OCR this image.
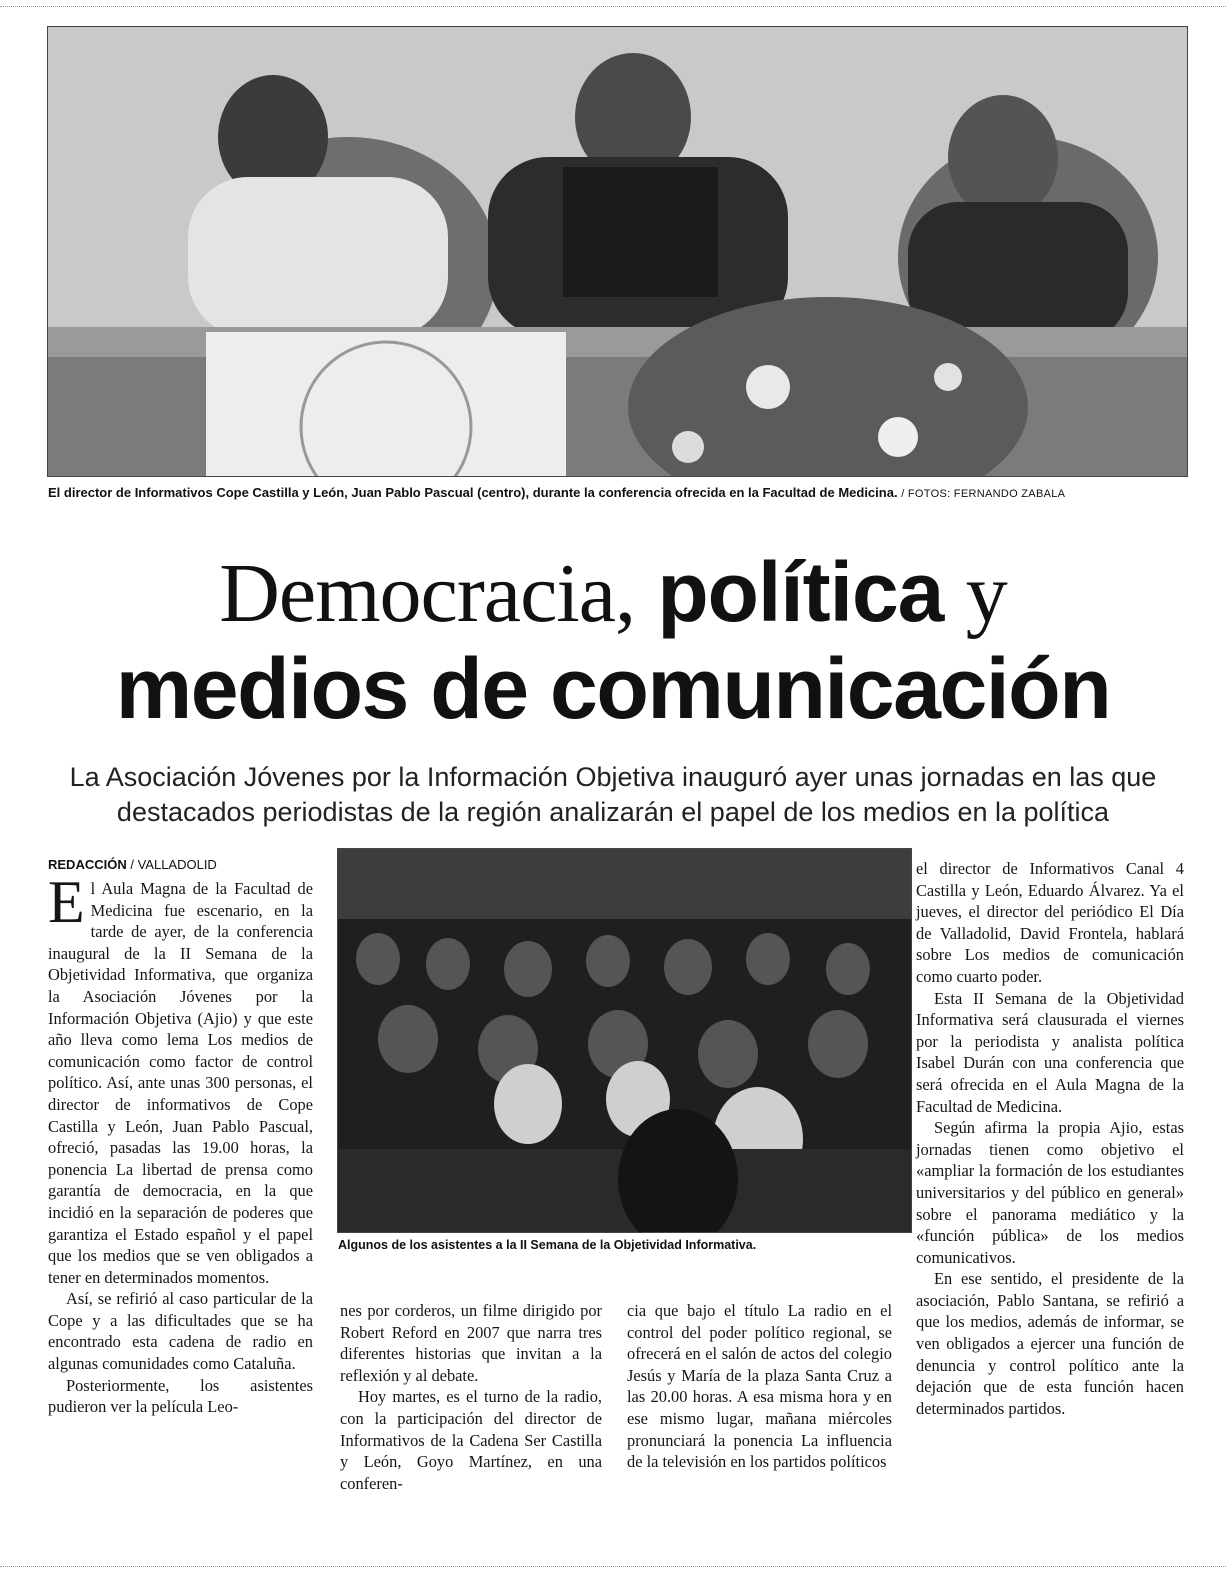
El director de Informativos Cope Castilla y León, Juan Pablo Pascual (centro), durante la conferencia ofrecida en la Facultad de Medicina. / FOTOS: FERNANDO ZABALA
Democracia, política y
medios de comunicación
La Asociación Jóvenes por la Información Objetiva inauguró ayer unas jornadas en las que destacados periodistas de la región analizarán el papel de los medios en la política
REDACCIÓN / VALLADOLID

El Aula Magna de la Facultad de Medicina fue escenario, en la tarde de ayer, de la conferencia inaugural de la II Semana de la Objetividad Informativa, que organiza la Asociación Jóvenes por la Información Objetiva (Ajio) y que este año lleva como lema Los medios de comunicación como factor de control político. Así, ante unas 300 personas, el director de informativos de Cope Castilla y León, Juan Pablo Pascual, ofreció, pasadas las 19.00 horas, la ponencia La libertad de prensa como garantía de democracia, en la que incidió en la separación de poderes que garantiza el Estado español y el papel que los medios que se ven obligados a tener en determinados momentos.

Así, se refirió al caso particular de la Cope y a las dificultades que se ha encontrado esta cadena de radio en algunas comunidades como Cataluña.

Posteriormente, los asistentes pudieron ver la película Leo-

Algunos de los asistentes a la II Semana de la Objetividad Informativa.

nes por corderos, un filme dirigido por Robert Reford en 2007 que narra tres diferentes historias que invitan a la reflexión y al debate.

Hoy martes, es el turno de la radio, con la participación del director de Informativos de la Cadena Ser Castilla y León, Goyo Martínez, en una conferen-

cia que bajo el título La radio en el control del poder político regional, se ofrecerá en el salón de actos del colegio Jesús y María de la plaza Santa Cruz a las 20.00 horas. A esa misma hora y en ese mismo lugar, mañana miércoles pronunciará la ponencia La influencia de la televisión en los partidos políticos

el director de Informativos Canal 4 Castilla y León, Eduardo Álvarez. Ya el jueves, el director del periódico El Día de Valladolid, David Frontela, hablará sobre Los medios de comunicación como cuarto poder.

Esta II Semana de la Objetividad Informativa será clausurada el viernes por la periodista y analista política Isabel Durán con una conferencia que será ofrecida en el Aula Magna de la Facultad de Medicina.

Según afirma la propia Ajio, estas jornadas tienen como objetivo el «ampliar la formación de los estudiantes universitarios y del público en general» sobre el panorama mediático y la «función pública» de los medios comunicativos.

En ese sentido, el presidente de la asociación, Pablo Santana, se refirió a que los medios, además de informar, se ven obligados a ejercer una función de denuncia y control político ante la dejación que de esta función hacen determinados partidos.
